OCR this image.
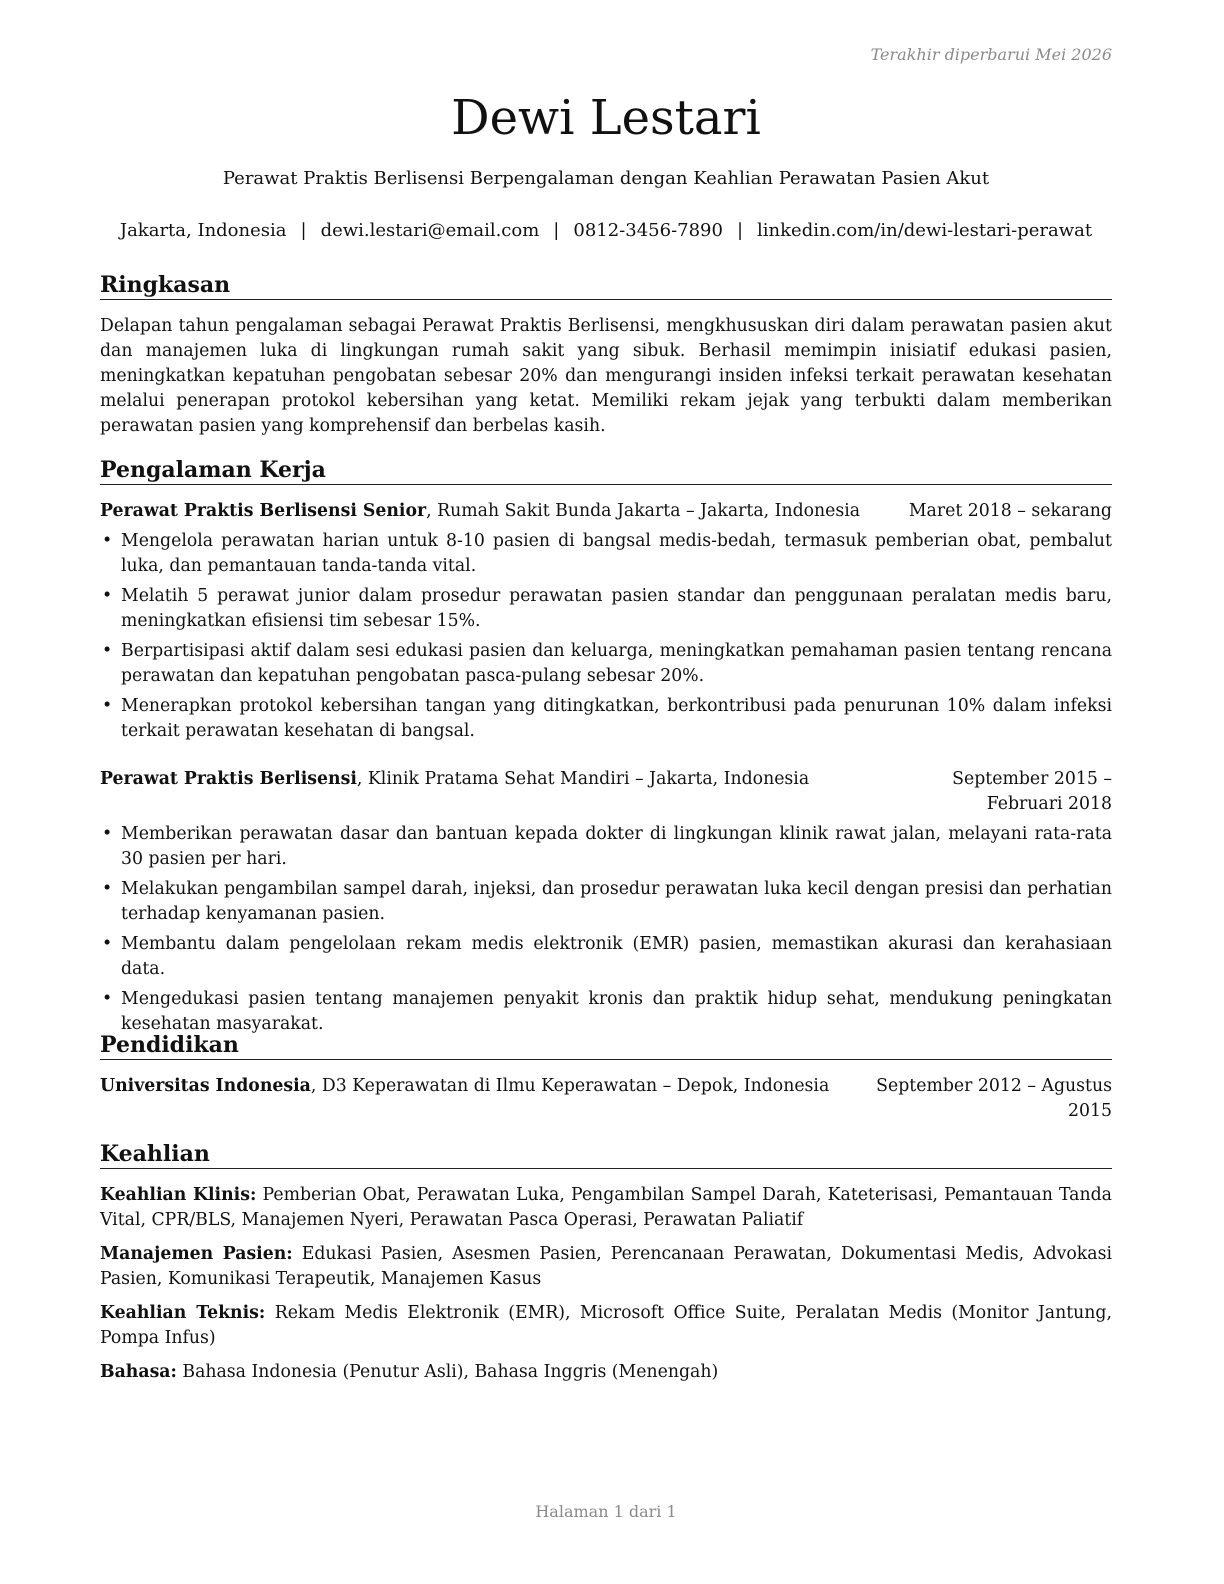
Terakhir diperbarui Mei 2026
Dewi Lestari
Perawat Praktis Berlisensi Berpengalaman dengan Keahlian Perawatan Pasien Akut
Jakarta, Indonesia | dewi.lestari@email.com | 0812-3456-7890 | linkedin.com/in/dewi-lestari-perawat
Ringkasan
Delapan tahun pengalaman sebagai Perawat Praktis Berlisensi, mengkhususkan diri dalam perawatan pasien akut dan manajemen luka di lingkungan rumah sakit yang sibuk. Berhasil memimpin inisiatif edukasi pasien, meningkatkan kepatuhan pengobatan sebesar 20% dan mengurangi insiden infeksi terkait perawatan kesehatan melalui penerapan protokol kebersihan yang ketat. Memiliki rekam jejak yang terbukti dalam memberikan perawatan pasien yang komprehensif dan berbelas kasih.
Pengalaman Kerja
Perawat Praktis Berlisensi Senior, Rumah Sakit Bunda Jakarta – Jakarta, Indonesia	Maret 2018 – sekarang
• Mengelola perawatan harian untuk 8-10 pasien di bangsal medis-bedah, termasuk pemberian obat, pembalut luka, dan pemantauan tanda-tanda vital.
• Melatih 5 perawat junior dalam prosedur perawatan pasien standar dan penggunaan peralatan medis baru, meningkatkan efisiensi tim sebesar 15%.
• Berpartisipasi aktif dalam sesi edukasi pasien dan keluarga, meningkatkan pemahaman pasien tentang rencana perawatan dan kepatuhan pengobatan pasca-pulang sebesar 20%.
• Menerapkan protokol kebersihan tangan yang ditingkatkan, berkontribusi pada penurunan 10% dalam infeksi terkait perawatan kesehatan di bangsal.
Perawat Praktis Berlisensi, Klinik Pratama Sehat Mandiri – Jakarta, Indonesia	September 2015 – Februari 2018
• Memberikan perawatan dasar dan bantuan kepada dokter di lingkungan klinik rawat jalan, melayani rata-rata 30 pasien per hari.
• Melakukan pengambilan sampel darah, injeksi, dan prosedur perawatan luka kecil dengan presisi dan perhatian terhadap kenyamanan pasien.
• Membantu dalam pengelolaan rekam medis elektronik (EMR) pasien, memastikan akurasi dan kerahasiaan data.
• Mengedukasi pasien tentang manajemen penyakit kronis dan praktik hidup sehat, mendukung peningkatan kesehatan masyarakat.
Pendidikan
Universitas Indonesia, D3 Keperawatan di Ilmu Keperawatan – Depok, Indonesia	September 2012 – Agustus 2015
Keahlian
Keahlian Klinis: Pemberian Obat, Perawatan Luka, Pengambilan Sampel Darah, Kateterisasi, Pemantauan Tanda Vital, CPR/BLS, Manajemen Nyeri, Perawatan Pasca Operasi, Perawatan Paliatif
Manajemen Pasien: Edukasi Pasien, Asesmen Pasien, Perencanaan Perawatan, Dokumentasi Medis, Advokasi Pasien, Komunikasi Terapeutik, Manajemen Kasus
Keahlian Teknis: Rekam Medis Elektronik (EMR), Microsoft Office Suite, Peralatan Medis (Monitor Jantung, Pompa Infus)
Bahasa: Bahasa Indonesia (Penutur Asli), Bahasa Inggris (Menengah)
Halaman 1 dari 1
